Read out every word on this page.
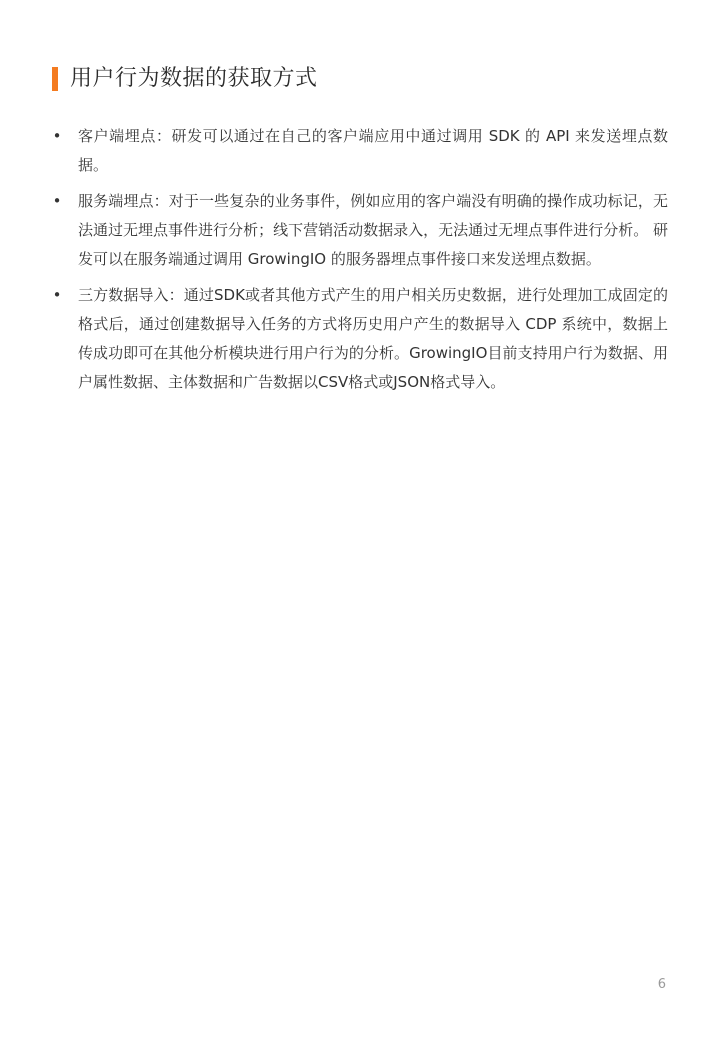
用户行为数据的获取方式
• 客户端埋点：研发可以通过在自己的客户端应用中通过调用 SDK 的 API 来发送埋点数据。
• 服务端埋点：对于一些复杂的业务事件，例如应用的客户端没有明确的操作成功标记，无法通过无埋点事件进行分析；线下营销活动数据录入，无法通过无埋点事件进行分析。 研发可以在服务端通过调用 GrowingIO 的服务器埋点事件接口来发送埋点数据。
• 三方数据导入：通过SDK或者其他方式产生的用户相关历史数据，进行处理加工成固定的格式后，通过创建数据导入任务的方式将历史用户产生的数据导入 CDP 系统中，数据上传成功即可在其他分析模块进行用户行为的分析。GrowingIO目前支持用户行为数据、用户属性数据、主体数据和广告数据以CSV格式或JSON格式导入。
6
